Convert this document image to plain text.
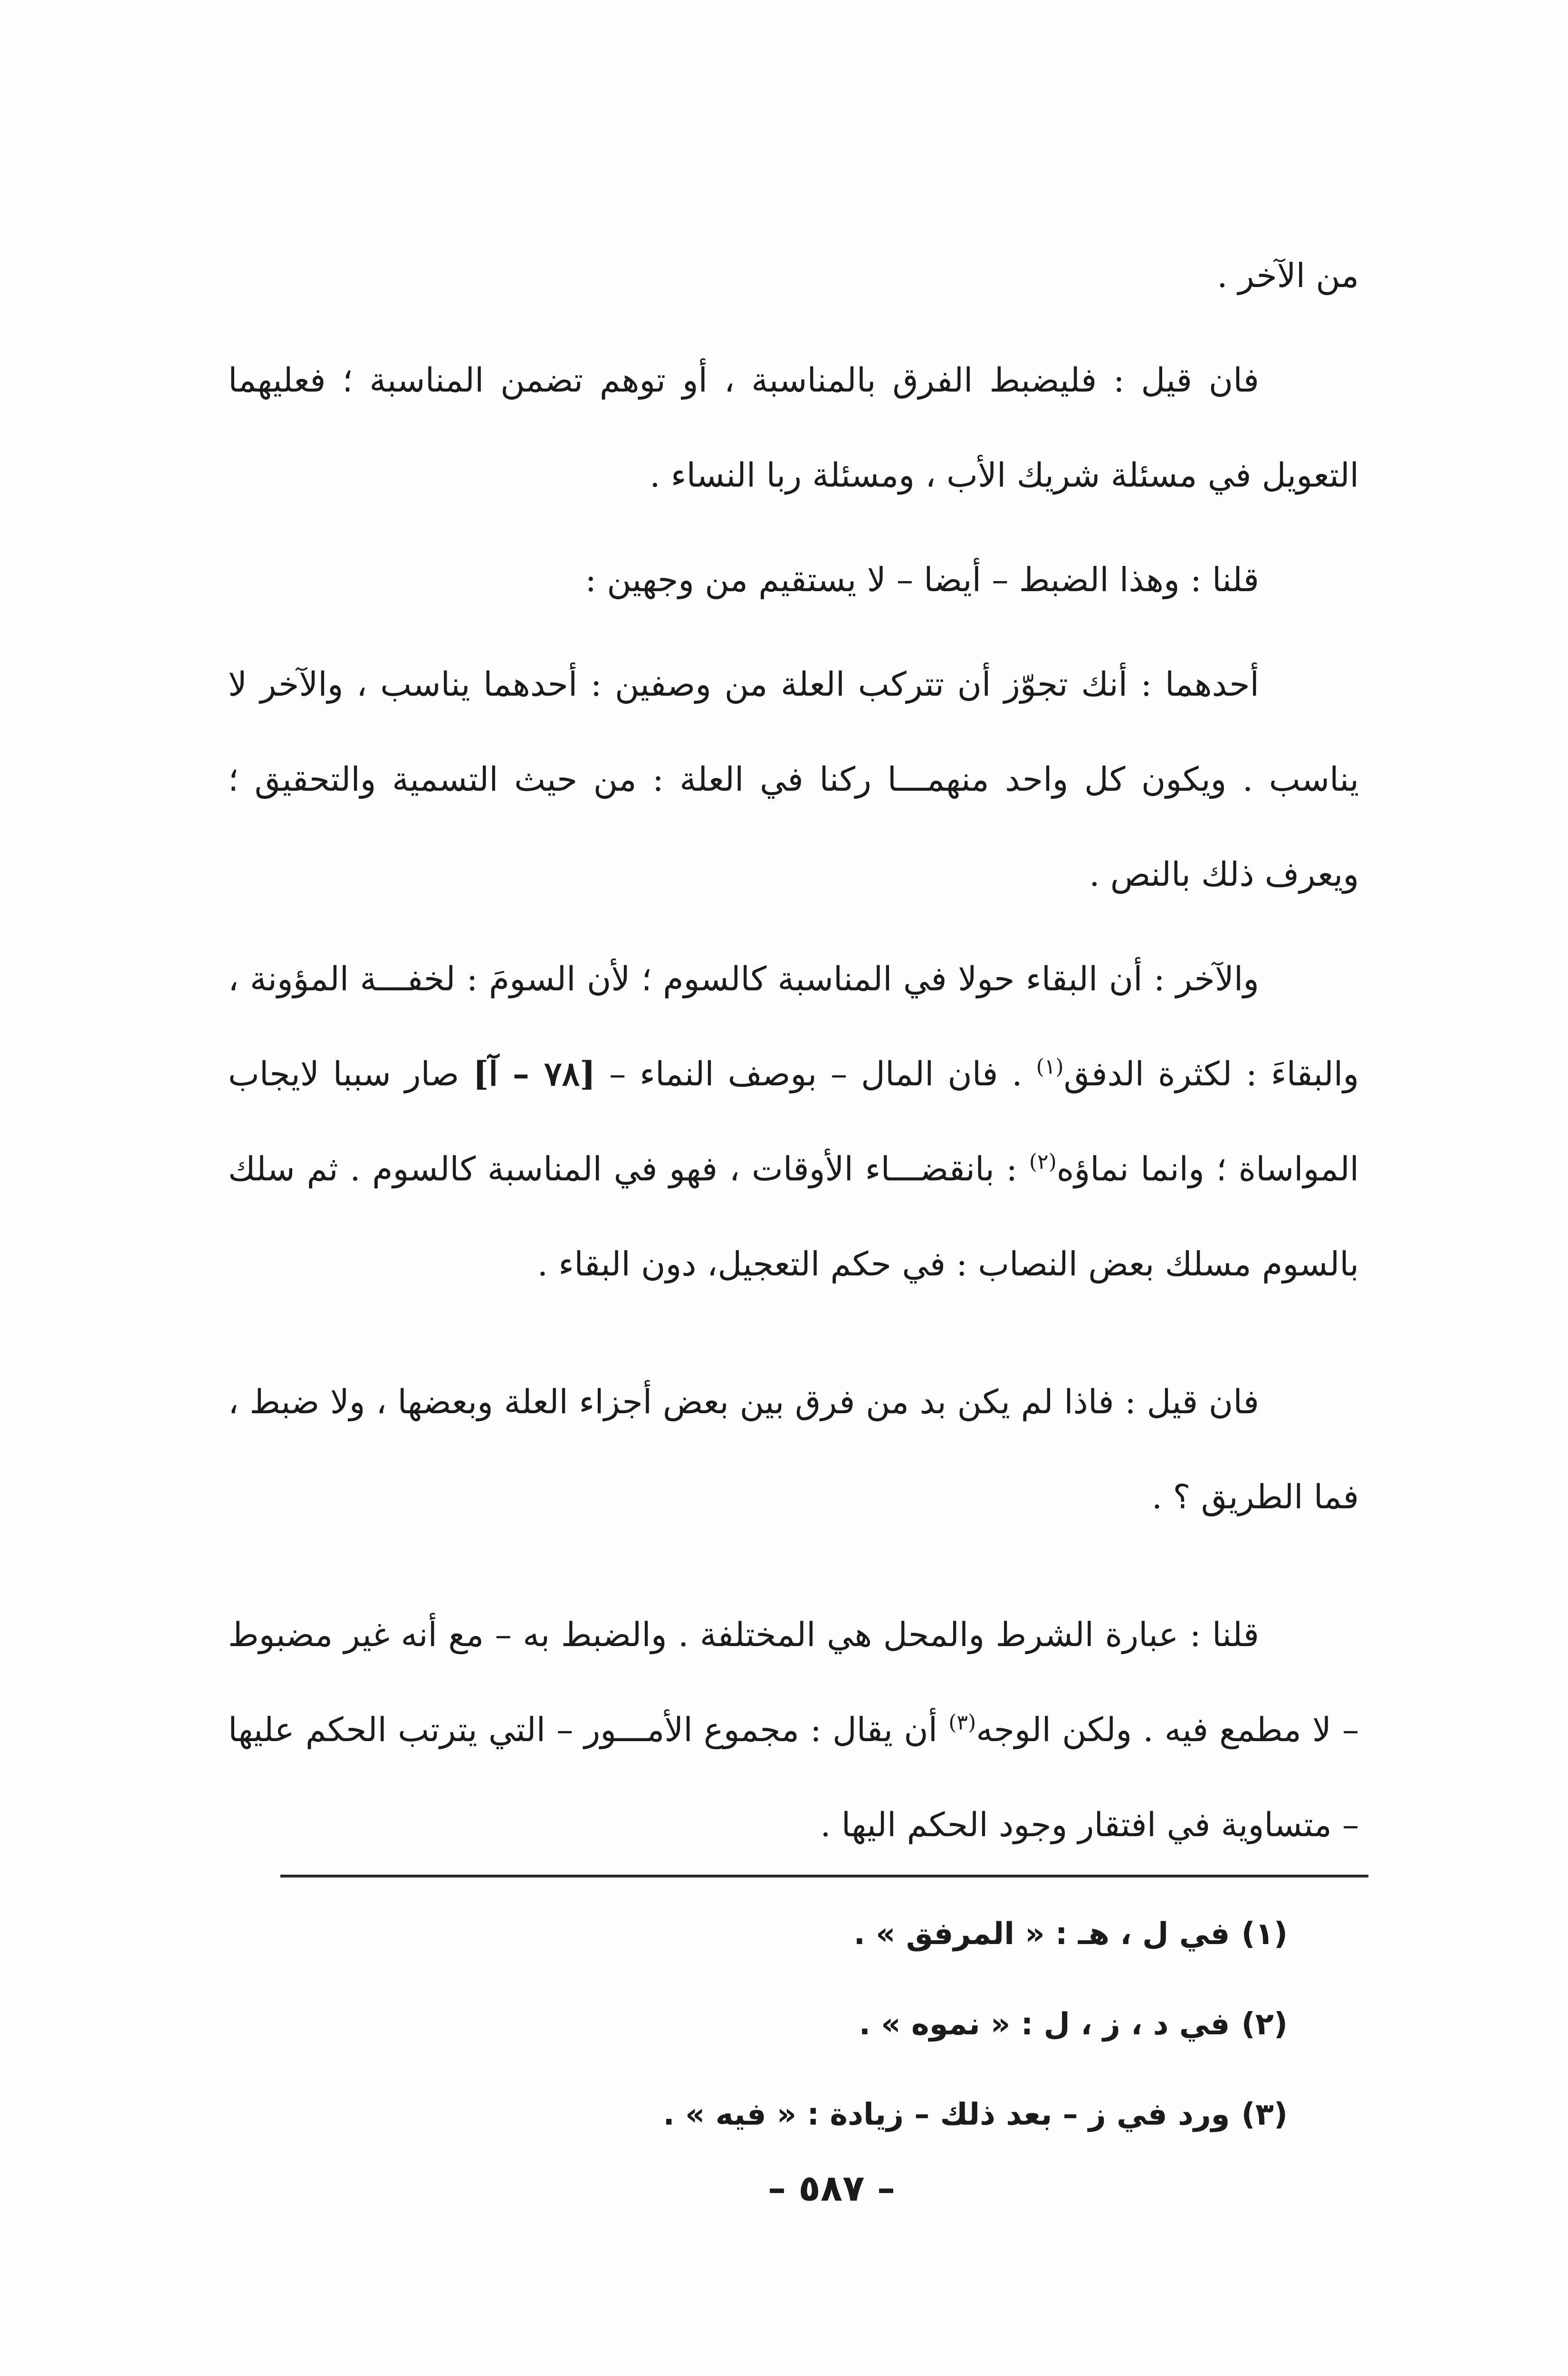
من الآخر .

فان قيل : فليضبط الفرق بالمناسبة ، أو توهم تضمن المناسبة ؛ فعليهما التعويل في مسئلة شريك الأب ، ومسئلة ربا النساء .

قلنا : وهذا الضبط – أيضا – لا يستقيم من وجهين :

أحدهما : أنك تجوّز أن تتركب العلة من وصفين : أحدهما يناسب ، والآخر لا يناسب . ويكون كل واحد منهمـــا ركنا في العلة : من حيث التسمية والتحقيق ؛ ويعرف ذلك بالنص .

والآخر : أن البقاء حولا في المناسبة كالسوم ؛ لأن السومَ : لخفـــة المؤونة ، والبقاءَ : لكثرة الدفق$^{(١)}$ . فان المال – بوصف النماء – [٧٨ – آ] صار سببا لايجاب المواساة ؛ وانما نماؤه$^{(٢)}$ : بانقضـــاء الأوقات ، فهو في المناسبة كالسوم . ثم سلك بالسوم مسلك بعض النصاب : في حكم التعجيل، دون البقاء .

فان قيل : فاذا لم يكن بد من فرق بين بعض أجزاء العلة وبعضها ، ولا ضبط ، فما الطريق ؟ .

قلنا : عبارة الشرط والمحل هي المختلفة . والضبط به – مع أنه غير مضبوط – لا مطمع فيه . ولكن الوجه$^{(٣)}$ أن يقال : مجموع الأمـــور – التي يترتب الحكم عليها – متساوية في افتقار وجود الحكم اليها .

(١)في ل ، هـ : « المرفق » .

(٢)في د ، ز ، ل : « نموه » .

(٣)ورد في ز – بعد ذلك – زيادة : « فيه » .

– ٥٨٧ –
